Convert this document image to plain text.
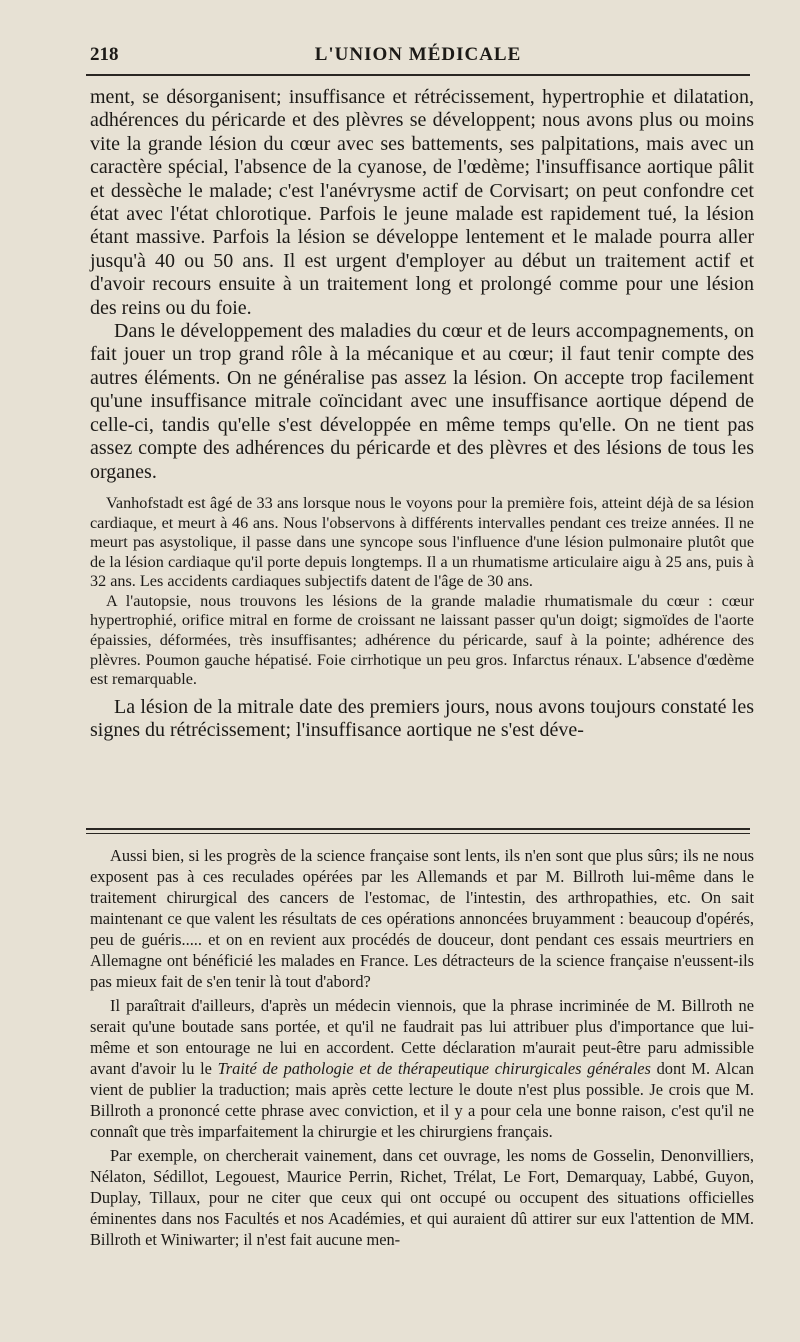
218	L'UNION MÉDICALE

ment, se désorganisent; insuffisance et rétrécissement, hypertrophie et dilatation, adhérences du péricarde et des plèvres se développent; nous avons plus ou moins vite la grande lésion du cœur avec ses battements, ses palpitations, mais avec un caractère spécial, l'absence de la cyanose, de l'œdème; l'insuffisance aortique pâlit et dessèche le malade; c'est l'anévrysme actif de Corvisart; on peut confondre cet état avec l'état chlorotique. Parfois le jeune malade est rapidement tué, la lésion étant massive. Parfois la lésion se développe lentement et le malade pourra aller jusqu'à 40 ou 50 ans. Il est urgent d'employer au début un traitement actif et d'avoir recours ensuite à un traitement long et prolongé comme pour une lésion des reins ou du foie.

Dans le développement des maladies du cœur et de leurs accompagnements, on fait jouer un trop grand rôle à la mécanique et au cœur; il faut tenir compte des autres éléments. On ne généralise pas assez la lésion. On accepte trop facilement qu'une insuffisance mitrale coïncidant avec une insuffisance aortique dépend de celle-ci, tandis qu'elle s'est développée en même temps qu'elle. On ne tient pas assez compte des adhérences du péricarde et des plèvres et des lésions de tous les organes.

Vanhofstadt est âgé de 33 ans lorsque nous le voyons pour la première fois, atteint déjà de sa lésion cardiaque, et meurt à 46 ans. Nous l'observons à différents intervalles pendant ces treize années. Il ne meurt pas asystolique, il passe dans une syncope sous l'influence d'une lésion pulmonaire plutôt que de la lésion cardiaque qu'il porte depuis longtemps. Il a un rhumatisme articulaire aigu à 25 ans, puis à 32 ans. Les accidents cardiaques subjectifs datent de l'âge de 30 ans.

A l'autopsie, nous trouvons les lésions de la grande maladie rhumatismale du cœur : cœur hypertrophié, orifice mitral en forme de croissant ne laissant passer qu'un doigt; sigmoïdes de l'aorte épaissies, déformées, très insuffisantes; adhérence du péricarde, sauf à la pointe; adhérence des plèvres. Poumon gauche hépatisé. Foie cirrhotique un peu gros. Infarctus rénaux. L'absence d'œdème est remarquable.

La lésion de la mitrale date des premiers jours, nous avons toujours constaté les signes du rétrécissement; l'insuffisance aortique ne s'est déve-

Aussi bien, si les progrès de la science française sont lents, ils n'en sont que plus sûrs; ils ne nous exposent pas à ces reculades opérées par les Allemands et par M. Billroth lui-même dans le traitement chirurgical des cancers de l'estomac, de l'intestin, des arthropathies, etc. On sait maintenant ce que valent les résultats de ces opérations annoncées bruyamment : beaucoup d'opérés, peu de guéris..... et on en revient aux procédés de douceur, dont pendant ces essais meurtriers en Allemagne ont bénéficié les malades en France. Les détracteurs de la science française n'eussent-ils pas mieux fait de s'en tenir là tout d'abord?

Il paraîtrait d'ailleurs, d'après un médecin viennois, que la phrase incriminée de M. Billroth ne serait qu'une boutade sans portée, et qu'il ne faudrait pas lui attribuer plus d'importance que lui-même et son entourage ne lui en accordent. Cette déclaration m'aurait peut-être paru admissible avant d'avoir lu le Traité de pathologie et de thérapeutique chirurgicales générales dont M. Alcan vient de publier la traduction; mais après cette lecture le doute n'est plus possible. Je crois que M. Billroth a prononcé cette phrase avec conviction, et il y a pour cela une bonne raison, c'est qu'il ne connaît que très imparfaitement la chirurgie et les chirurgiens français.

Par exemple, on chercherait vainement, dans cet ouvrage, les noms de Gosselin, Denonvilliers, Nélaton, Sédillot, Legouest, Maurice Perrin, Richet, Trélat, Le Fort, Demarquay, Labbé, Guyon, Duplay, Tillaux, pour ne citer que ceux qui ont occupé ou occupent des situations officielles éminentes dans nos Facultés et nos Académies, et qui auraient dû attirer sur eux l'attention de MM. Billroth et Winiwarter; il n'est fait aucune men-
